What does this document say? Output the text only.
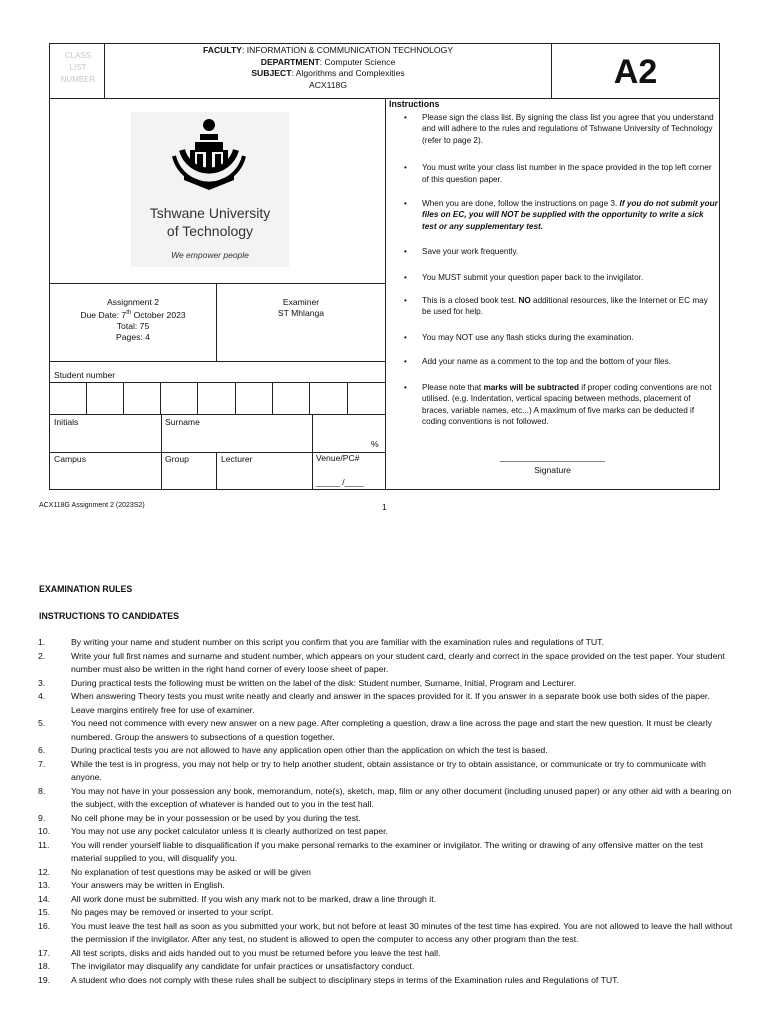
CLASS
LIST
NUMBER
FACULTY: INFORMATION & COMMUNICATION TECHNOLOGY
DEPARTMENT: Computer Science
SUBJECT: Algorithms and Complexities
ACX118G	A2
Tshwane University
of Technology
We empower people
Assignment 2
Due Date: 7th October 2023
Total: 75
Pages: 4
Examiner
ST Mhlanga
Student number
Initials	Surname
%
Campus	Group	Lecturer	Venue/PC#
_____ /____
Instructions
• Please sign the class list. By signing the class list you agree that you understand and will adhere to the rules and regulations of Tshwane University of Technology (refer to page 2).
• You must write your class list number in the space provided in the top left corner of this question paper.
• When you are done, follow the instructions on page 3. If you do not submit your files on EC, you will NOT be supplied with the opportunity to write a sick test or any supplementary test.
• Save your work frequently.
• You MUST submit your question paper back to the invigilator.
• This is a closed book test. NO additional resources, like the Internet or EC may be used for help.
• You may NOT use any flash sticks during the examination.
• Add your name as a comment to the top and the bottom of your files.
• Please note that marks will be subtracted if proper coding conventions are not utilised. (e.g. Indentation, vertical spacing between methods, placement of braces, variable names, etc...) A maximum of five marks can be deducted if coding conventions is not followed.
______________________
Signature
ACX118G Assignment 2 (2023S2)	1
EXAMINATION RULES
INSTRUCTIONS TO CANDIDATES
1.	By writing your name and student number on this script you confirm that you are familiar with the examination rules and regulations of TUT.
2.	Write your full first names and surname and student number, which appears on your student card, clearly and correct in the space provided on the test paper. Your student number must also be written in the right hand corner of every loose sheet of paper.
3.	During practical tests the following must be written on the label of the disk: Student number, Surname, Initial, Program and Lecturer.
4.	When answering Theory tests you must write neatly and clearly and answer in the spaces provided for it. If you answer in a separate book use both sides of the paper. Leave margins entirely free for use of examiner.
5.	You need not commence with every new answer on a new page. After completing a question, draw a line across the page and start the new question. It must be clearly numbered. Group the answers to subsections of a question together.
6.	During practical tests you are not allowed to have any application open other than the application on which the test is based.
7.	While the test is in progress, you may not help or try to help another student, obtain assistance or try to obtain assistance, or communicate or try to communicate with anyone.
8.	You may not have in your possession any book, memorandum, note(s), sketch, map, film or any other document (including unused paper) or any other aid with a bearing on the subject, with the exception of whatever is handed out to you in the test hall.
9.	No cell phone may be in your possession or be used by you during the test.
10. You may not use any pocket calculator unless it is clearly authorized on test paper.
11. You will render yourself liable to disqualification if you make personal remarks to the examiner or invigilator. The writing or drawing of any offensive matter on the test material supplied to you, will disqualify you.
12. No explanation of test questions may be asked or will be given
13. Your answers may be written in English.
14. All work done must be submitted. If you wish any mark not to be marked, draw a line through it.
15. No pages may be removed or inserted to your script.
16. You must leave the test hall as soon as you submitted your work, but not before at least 30 minutes of the test time has expired. You are not allowed to leave the hall without the permission if the invigilator. After any test, no student is allowed to open the computer to access any other program than the test.
17. All test scripts, disks and aids handed out to you must be returned before you leave the test hall.
18. The invigilator may disqualify any candidate for unfair practices or unsatisfactory conduct.
19. A student who does not comply with these rules shall be subject to disciplinary steps in terms of the Examination rules and Regulations of TUT.
